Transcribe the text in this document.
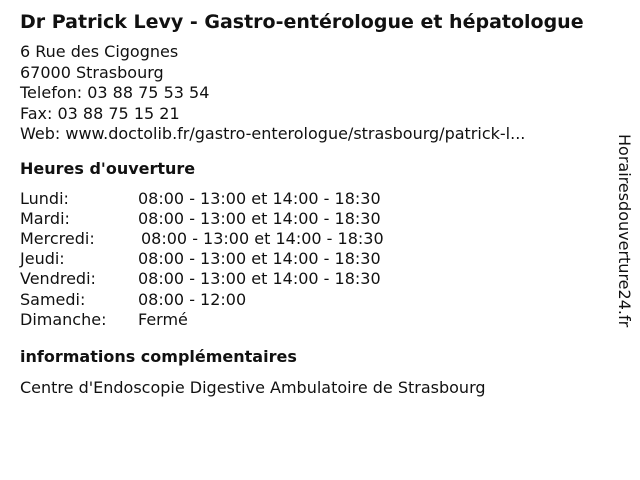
Dr Patrick Levy - Gastro-entérologue et hépatologue
6 Rue des Cigognes
67000 Strasbourg
Telefon: 03 88 75 53 54
Fax: 03 88 75 15 21
Web: www.doctolib.fr/gastro-enterologue/strasbourg/patrick-l...
Heures d'ouverture
Lundi:	08:00 - 13:00 et 14:00 - 18:30
Mardi:	08:00 - 13:00 et 14:00 - 18:30
Mercredi:	08:00 - 13:00 et 14:00 - 18:30
Jeudi:	08:00 - 13:00 et 14:00 - 18:30
Vendredi:	08:00 - 13:00 et 14:00 - 18:30
Samedi:	08:00 - 12:00
Dimanche:	Fermé
informations complémentaires
Centre d'Endoscopie Digestive Ambulatoire de Strasbourg
Horairesdouverture24.fr
